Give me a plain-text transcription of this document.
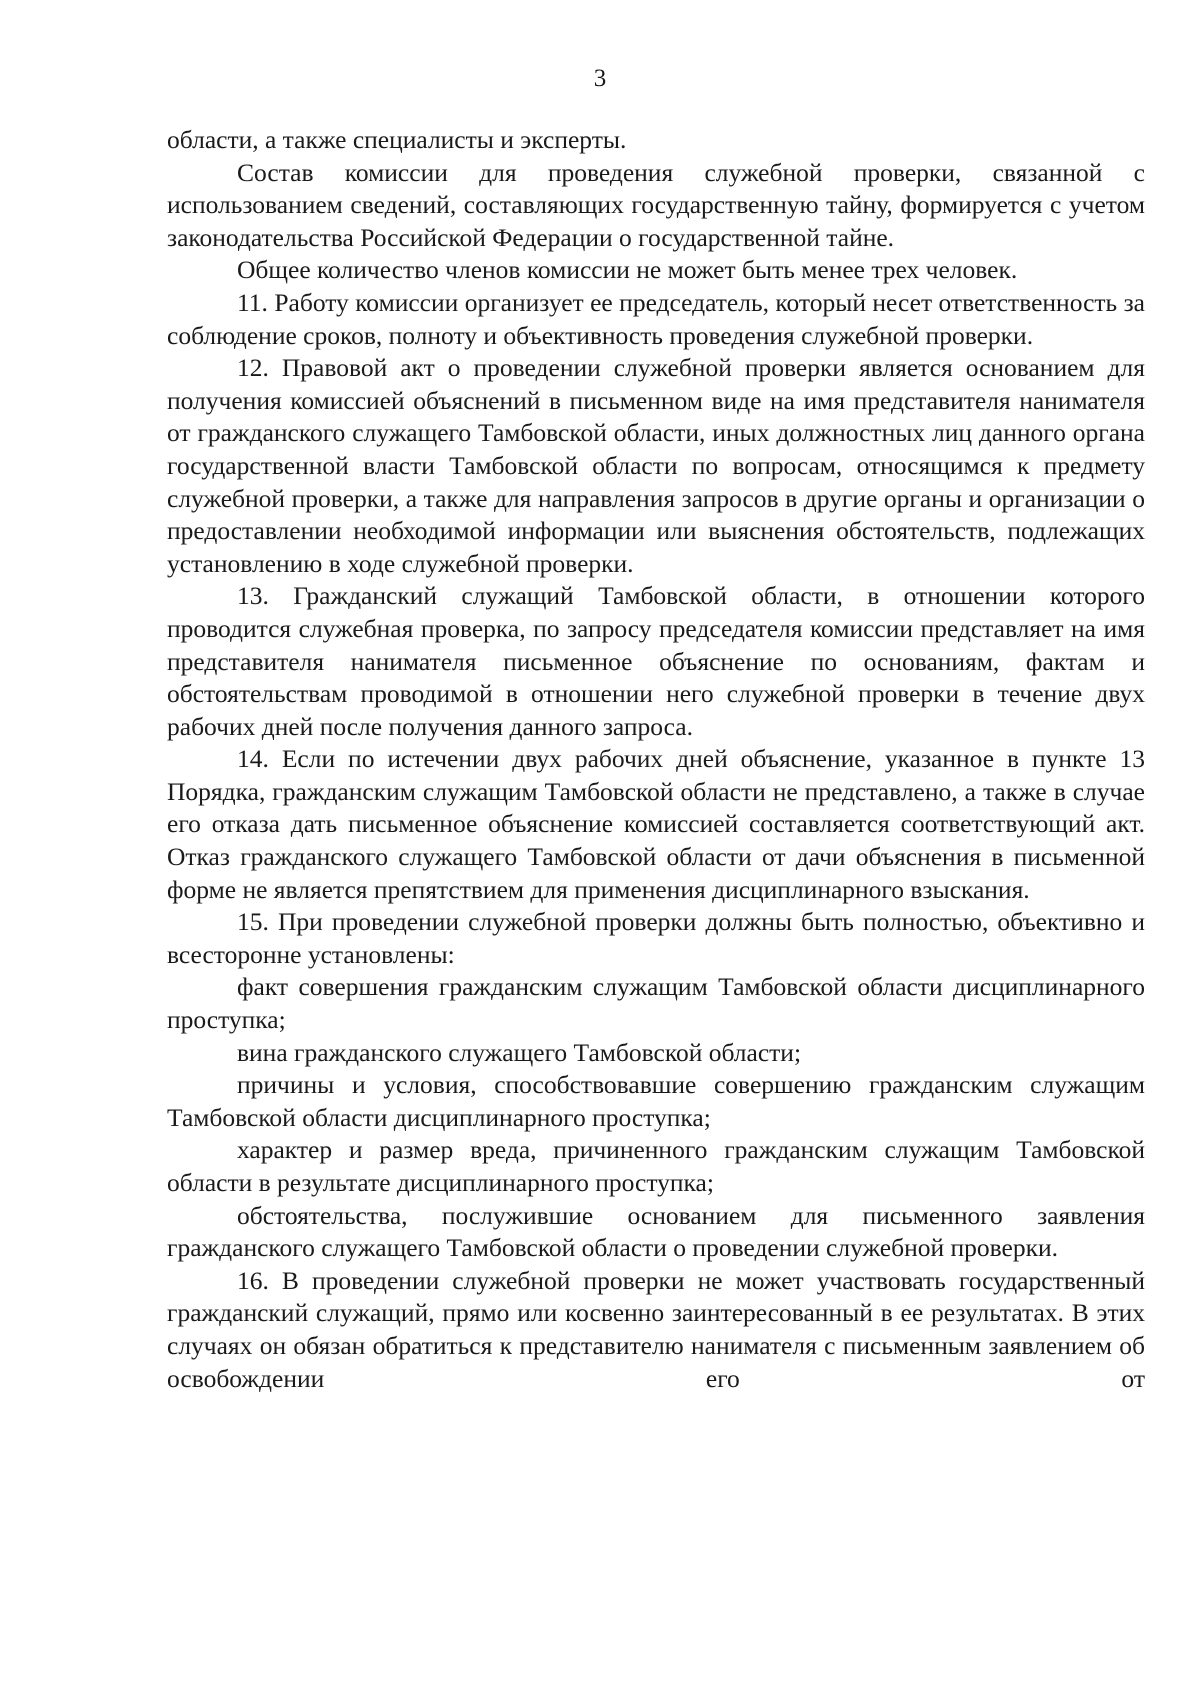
3

области, а также специалисты и эксперты.

Состав комиссии для проведения служебной проверки, связанной с использованием сведений, составляющих государственную тайну, формируется с учетом законодательства Российской Федерации о государственной тайне.

Общее количество членов комиссии не может быть менее трех человек.

11. Работу комиссии организует ее председатель, который несет ответственность за соблюдение сроков, полноту и объективность проведения служебной проверки.

12. Правовой акт о проведении служебной проверки является основанием для получения комиссией объяснений в письменном виде на имя представителя нанимателя от гражданского служащего Тамбовской области, иных должностных лиц данного органа государственной власти Тамбовской области по вопросам, относящимся к предмету служебной проверки, а также для направления запросов в другие органы и организации о предоставлении необходимой информации или выяснения обстоятельств, подлежащих установлению в ходе служебной проверки.

13. Гражданский служащий Тамбовской области, в отношении которого проводится служебная проверка, по запросу председателя комиссии представляет на имя представителя нанимателя письменное объяснение по основаниям, фактам и обстоятельствам проводимой в отношении него служебной проверки в течение двух рабочих дней после получения данного запроса.

14. Если по истечении двух рабочих дней объяснение, указанное в пункте 13 Порядка, гражданским служащим Тамбовской области не представлено, а также в случае его отказа дать письменное объяснение комиссией составляется соответствующий акт. Отказ гражданского служащего Тамбовской области от дачи объяснения в письменной форме не является препятствием для применения дисциплинарного взыскания.

15. При проведении служебной проверки должны быть полностью, объективно и всесторонне установлены:

факт совершения гражданским служащим Тамбовской области дисциплинарного проступка;

вина гражданского служащего Тамбовской области;

причины и условия, способствовавшие совершению гражданским служащим Тамбовской области дисциплинарного проступка;

характер и размер вреда, причиненного гражданским служащим Тамбовской области в результате дисциплинарного проступка;

обстоятельства, послужившие основанием для письменного заявления гражданского служащего Тамбовской области о проведении служебной проверки.

16. В проведении служебной проверки не может участвовать государственный гражданский служащий, прямо или косвенно заинтересованный в ее результатах. В этих случаях он обязан обратиться к представителю нанимателя с письменным заявлением об освобождении его от
